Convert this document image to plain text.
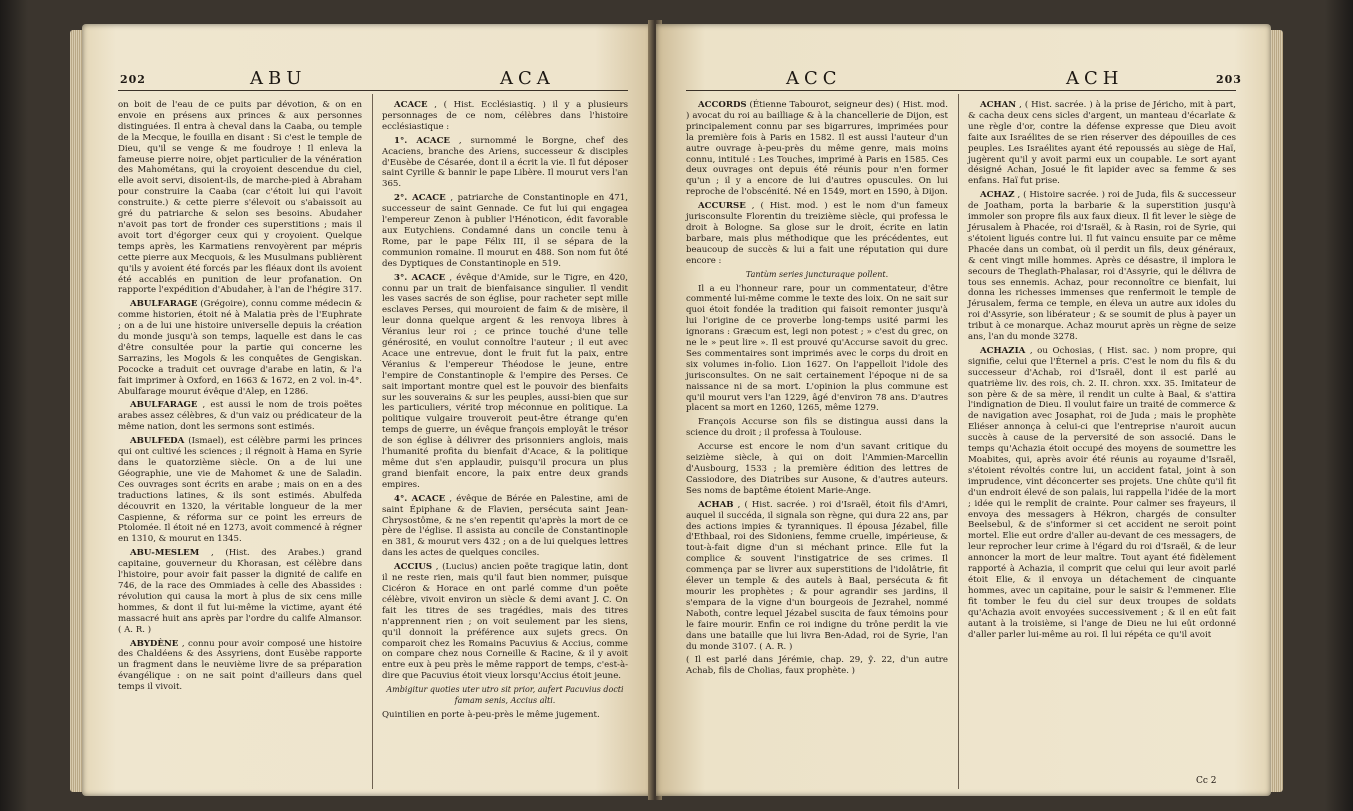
202	ABU	ACA

on boit de l'eau de ce puits par dévotion, & on en envoie en présens aux princes & aux personnes distinguées. Il entra à cheval dans la Caaba, ou temple de la Mecque, le fouilla en disant : Si c'est le temple de Dieu, qu'il se venge & me foudroye ! Il enleva la fameuse pierre noire, objet particulier de la vénération des Mahométans, qui la croyoient descendue du ciel, elle avoit servi, disoient-ils, de marche-pied à Abraham pour construire la Caaba (car c'étoit lui qui l'avoit construite.) & cette pierre s'élevoit ou s'abaissoit au gré du patriarche & selon ses besoins. Abudaher n'avoit pas tort de fronder ces superstitions ; mais il avoit tort d'égorger ceux qui y croyoient. Quelque temps après, les Karmatiens renvoyèrent par mépris cette pierre aux Mecquois, & les Musulmans publièrent qu'ils y avoient été forcés par les fléaux dont ils avoient été accablés en punition de leur profanation. On rapporte l'expédition d'Abudaher, à l'an de l'hégire 317.

ABULFARAGE (Grégoire), connu comme médecin & comme historien, étoit né à Malatia près de l'Euphrate ; on a de lui une histoire universelle depuis la création du monde jusqu'à son temps, laquelle est dans le cas d'être consultée pour la partie qui concerne les Sarrazins, les Mogols & les conquêtes de Gengiskan. Pococke a traduit cet ouvrage d'arabe en latin, & l'a fait imprimer à Oxford, en 1663 & 1672, en 2 vol. in-4°. Abulfarage mourut évêque d'Alep, en 1286.

ABULFARAGE , est aussi le nom de trois poëtes arabes assez célèbres, & d'un vaiz ou prédicateur de la même nation, dont les sermons sont estimés.

ABULFEDA (Ismael), est célèbre parmi les princes qui ont cultivé les sciences ; il régnoit à Hama en Syrie dans le quatorzième siècle. On a de lui une Géographie, une vie de Mahomet & une de Saladin. Ces ouvrages sont écrits en arabe ; mais on en a des traductions latines, & ils sont estimés. Abulfeda découvrit en 1320, la véritable longueur de la mer Caspienne, & réforma sur ce point les erreurs de Ptolomée. Il étoit né en 1273, avoit commencé à régner en 1310, & mourut en 1345.

ABU-MESLEM , (Hist. des Arabes.) grand capitaine, gouverneur du Khorasan, est célèbre dans l'histoire, pour avoir fait passer la dignité de calife en 746, de la race des Ommiades à celle des Abassides : révolution qui causa la mort à plus de six cens mille hommes, & dont il fut lui-même la victime, ayant été massacré huit ans après par l'ordre du calife Almansor. ( A. R. )

ABYDÈNE , connu pour avoir composé une histoire des Chaldéens & des Assyriens, dont Eusèbe rapporte un fragment dans le neuvième livre de sa préparation évangélique : on ne sait point d'ailleurs dans quel temps il vivoit.

ACACE , ( Hist. Ecclésiastiq. ) il y a plusieurs personnages de ce nom, célèbres dans l'histoire ecclésiastique :

1°. ACACE , surnommé le Borgne, chef des Acaciens, branche des Ariens, successeur & disciples d'Eusèbe de Césarée, dont il a écrit la vie. Il fut déposer saint Cyrille & bannir le pape Libère. Il mourut vers l'an 365.

2°. ACACE , patriarche de Constantinople en 471, successeur de saint Gennade. Ce fut lui qui engagea l'empereur Zenon à publier l'Hénoticon, édit favorable aux Eutychiens. Condamné dans un concile tenu à Rome, par le pape Félix III, il se sépara de la communion romaine. Il mourut en 488. Son nom fut ôté des Dyptiques de Constantinople en 519.

3°. ACACE , évêque d'Amide, sur le Tigre, en 420, connu par un trait de bienfaisance singulier. Il vendit les vases sacrés de son église, pour racheter sept mille esclaves Perses, qui mouroient de faim & de misère, il leur donna quelque argent & les renvoya libres à Véranius leur roi ; ce prince touché d'une telle générosité, en voulut connoître l'auteur ; il eut avec Acace une entrevue, dont le fruit fut la paix, entre Véranius & l'empereur Théodose le jeune, entre l'empire de Constantinople & l'empire des Perses. Ce sait important montre quel est le pouvoir des bienfaits sur les souverains & sur les peuples, aussi-bien que sur les particuliers, vérité trop méconnue en politique. La politique vulgaire trouveroit peut-être étrange qu'en temps de guerre, un évêque françois employât le trésor de son église à délivrer des prisonniers anglois, mais l'humanité profita du bienfait d'Acace, & la politique même dut s'en applaudir, puisqu'il procura un plus grand bienfait encore, la paix entre deux grands empires.

4°. ACACE , évêque de Bérée en Palestine, ami de saint Épiphane & de Flavien, persécuta saint Jean-Chrysostôme, & ne s'en repentit qu'après la mort de ce père de l'église. Il assista au concile de Constantinople en 381, & mourut vers 432 ; on a de lui quelques lettres dans les actes de quelques conciles.

ACCIUS , (Lucius) ancien poëte tragique latin, dont il ne reste rien, mais qu'il faut bien nommer, puisque Cicéron & Horace en ont parlé comme d'un poëte célèbre, vivoit environ un siècle & demi avant J. C. On fait les titres de ses tragédies, mais des titres n'apprennent rien ; on voit seulement par les siens, qu'il donnoit la préférence aux sujets grecs. On comparoit chez les Romains Pacuvius & Accius, comme on compare chez nous Corneille & Racine, & il y avoit entre eux à peu près le même rapport de temps, c'est-à-dire que Pacuvius étoit vieux lorsqu'Accius étoit jeune.

Ambigitur quoties uter utro sit prior, aufert Pacuvius docti famam senis, Accius alti.

Quintilien en porte à-peu-près le même jugement.

ACC	ACH	203

ACCORDS (Étienne Tabourot, seigneur des) ( Hist. mod. ) avocat du roi au bailliage & à la chancellerie de Dijon, est principalement connu par ses bigarrures, imprimées pour la première fois à Paris en 1582. Il est aussi l'auteur d'un autre ouvrage à-peu-près du même genre, mais moins connu, intitulé : Les Touches, imprimé à Paris en 1585. Ces deux ouvrages ont depuis été réunis pour n'en former qu'un ; il y a encore de lui d'autres opuscules. On lui reproche de l'obscénité. Né en 1549, mort en 1590, à Dijon.

ACCURSE , ( Hist. mod. ) est le nom d'un fameux jurisconsulte Florentin du treizième siècle, qui professa le droit à Bologne. Sa glose sur le droit, écrite en latin barbare, mais plus méthodique que les précédentes, eut beaucoup de succès & lui a fait une réputation qui dure encore :

Tantùm series juncturaque pollent.

Il a eu l'honneur rare, pour un commentateur, d'être commenté lui-même comme le texte des loix. On ne sait sur quoi étoit fondée la tradition qui faisoit remonter jusqu'à lui l'origine de ce proverbe long-temps usité parmi les ignorans : Græcum est, legi non potest ; » c'est du grec, on ne le » peut lire ». Il est prouvé qu'Accurse savoit du grec. Ses commentaires sont imprimés avec le corps du droit en six volumes in-folio. Lion 1627. On l'appelloit l'idole des jurisconsultes. On ne sait certainement l'époque ni de sa naissance ni de sa mort. L'opinion la plus commune est qu'il mourut vers l'an 1229, âgé d'environ 78 ans. D'autres placent sa mort en 1260, 1265, même 1279.

François Accurse son fils se distingua aussi dans la science du droit ; il professa à Toulouse.

Accurse est encore le nom d'un savant critique du seizième siècle, à qui on doit l'Ammien-Marcellin d'Ausbourg, 1533 ; la première édition des lettres de Cassiodore, des Diatribes sur Ausone, & d'autres auteurs. Ses noms de baptême étoient Marie-Ange.

ACHAB , ( Hist. sacrée. ) roi d'Israël, étoit fils d'Amri, auquel il succéda, il signala son règne, qui dura 22 ans, par des actions impies & tyranniques. Il épousa Jézabel, fille d'Ethbaal, roi des Sidoniens, femme cruelle, impérieuse, & tout-à-fait digne d'un si méchant prince. Elle fut la complice & souvent l'instigatrice de ses crimes. Il commença par se livrer aux superstitions de l'idolâtrie, fit élever un temple & des autels à Baal, persécuta & fit mourir les prophètes ; & pour agrandir ses jardins, il s'empara de la vigne d'un bourgeois de Jezrahel, nommé Naboth, contre lequel Jézabel suscita de faux témoins pour le faire mourir. Enfin ce roi indigne du trône perdit la vie dans une bataille que lui livra Ben-Adad, roi de Syrie, l'an du monde 3107. ( A. R. )

( Il est parlé dans Jérémie, chap. 29, ŷ. 22, d'un autre Achab, fils de Cholias, faux prophète. )

ACHAN , ( Hist. sacrée. ) à la prise de Jéricho, mit à part, & cacha deux cens sicles d'argent, un manteau d'écarlate & une règle d'or, contre la défense expresse que Dieu avoit faite aux Israélites de se rien réserver des dépouilles de ces peuples. Les Israélites ayant été repoussés au siège de Haï, jugèrent qu'il y avoit parmi eux un coupable. Le sort ayant désigné Achan, Josué le fit lapider avec sa femme & ses enfans. Haï fut prise.

ACHAZ , ( Histoire sacrée. ) roi de Juda, fils & successeur de Joatham, porta la barbarie & la superstition jusqu'à immoler son propre fils aux faux dieux. Il fit lever le siège de Jérusalem à Phacée, roi d'Israël, & à Rasin, roi de Syrie, qui s'étoient ligués contre lui. Il fut vaincu ensuite par ce même Phacée dans un combat, où il perdit un fils, deux généraux, & cent vingt mille hommes. Après ce désastre, il implora le secours de Theglath-Phalasar, roi d'Assyrie, qui le délivra de tous ses ennemis. Achaz, pour reconnoître ce bienfait, lui donna les richesses immenses que renfermoit le temple de Jérusalem, ferma ce temple, en éleva un autre aux idoles du roi d'Assyrie, son libérateur ; & se soumit de plus à payer un tribut à ce monarque. Achaz mourut après un règne de seize ans, l'an du monde 3278.

ACHAZIA , ou Ochosias, ( Hist. sac. ) nom propre, qui signifie, celui que l'Éternel a pris. C'est le nom du fils & du successeur d'Achab, roi d'Israël, dont il est parlé au quatrième liv. des rois, ch. 2. II. chron. xxx. 35. Imitateur de son père & de sa mère, il rendit un culte à Baal, & s'attira l'indignation de Dieu. Il voulut faire un traité de commerce & de navigation avec Josaphat, roi de Juda ; mais le prophète Eliéser annonça à celui-ci que l'entreprise n'auroit aucun succès à cause de la perversité de son associé. Dans le temps qu'Achazia étoit occupé des moyens de soumettre les Moabites, qui, après avoir été réunis au royaume d'Israël, s'étoient révoltés contre lui, un accident fatal, joint à son imprudence, vint déconcerter ses projets. Une chûte qu'il fit d'un endroit élevé de son palais, lui rappella l'idée de la mort ; idée qui le remplit de crainte. Pour calmer ses frayeurs, il envoya des messagers à Hékron, chargés de consulter Beelsebul, & de s'informer si cet accident ne seroit point mortel. Elie eut ordre d'aller au-devant de ces messagers, de leur reprocher leur crime à l'égard du roi d'Israël, & de leur annoncer la mort de leur maître. Tout ayant été fidèlement rapporté à Achazia, il comprit que celui qui leur avoit parlé étoit Elie, & il envoya un détachement de cinquante hommes, avec un capitaine, pour le saisir & l'emmener. Elie fit tomber le feu du ciel sur deux troupes de soldats qu'Achazia avoit envoyées successivement ; & il en eût fait autant à la troisième, si l'ange de Dieu ne lui eût ordonné d'aller parler lui-même au roi. Il lui répéta ce qu'il avoit

Cc 2
